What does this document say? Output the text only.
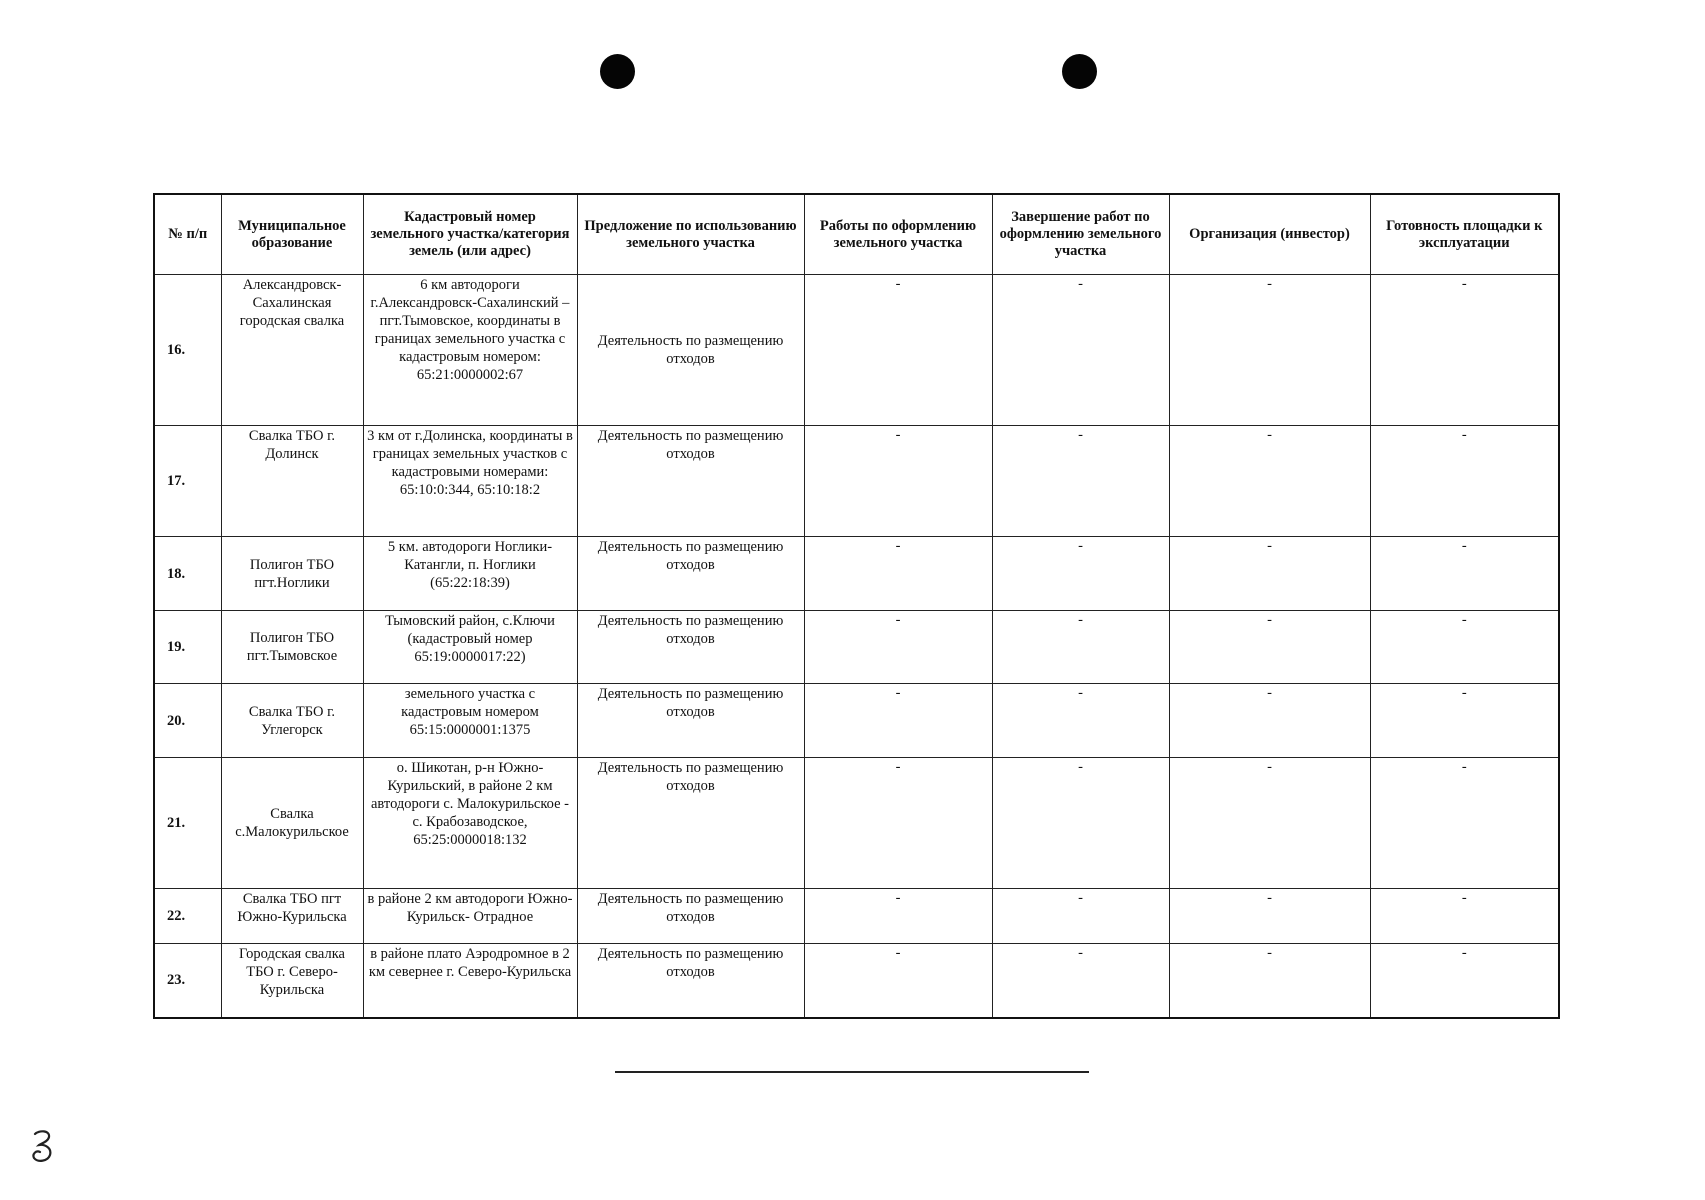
№ п/п	Муниципальное образование	Кадастровый номер земельного участка/категория земель (или адрес)	Предложение по использованию земельного участка	Работы по оформлению земельного участка	Завершение работ по оформлению земельного участка	Организация (инвестор)	Готовность площадки к эксплуатации
16.	Александровск-Сахалинская городская свалка	6 км автодороги г.Александровск-Сахалинский – пгт.Тымовское, координаты в границах земельного участка с кадастровым номером: 65:21:0000002:67	Деятельность по размещению отходов	-	-	-	-
17.	Свалка ТБО г. Долинск	3 км от г.Долинска, координаты в границах земельных участков с кадастровыми номерами: 65:10:0:344, 65:10:18:2	Деятельность по размещению отходов	-	-	-	-
18.	Полигон ТБО пгт.Ноглики	5 км. автодороги Ноглики-Катангли, п. Ноглики (65:22:18:39)	Деятельность по размещению отходов	-	-	-	-
19.	Полигон ТБО пгт.Тымовское	Тымовский район, с.Ключи (кадастровый номер 65:19:0000017:22)	Деятельность по размещению отходов	-	-	-	-
20.	Свалка ТБО г. Углегорск	земельного участка с кадастровым номером 65:15:0000001:1375	Деятельность по размещению отходов	-	-	-	-
21.	Свалка с.Малокурильское	о. Шикотан, р-н Южно-Курильский, в районе 2 км автодороги с. Малокурильское - с. Крабозаводское, 65:25:0000018:132	Деятельность по размещению отходов	-	-	-	-
22.	Свалка ТБО пгт Южно-Курильска	в районе 2 км автодороги Южно-Курильск- Отрадное	Деятельность по размещению отходов	-	-	-	-
23.	Городская свалка ТБО г. Северо-Курильска	в районе плато Аэродромное в 2 км севернее г. Северо-Курильска	Деятельность по размещению отходов	-	-	-	-
